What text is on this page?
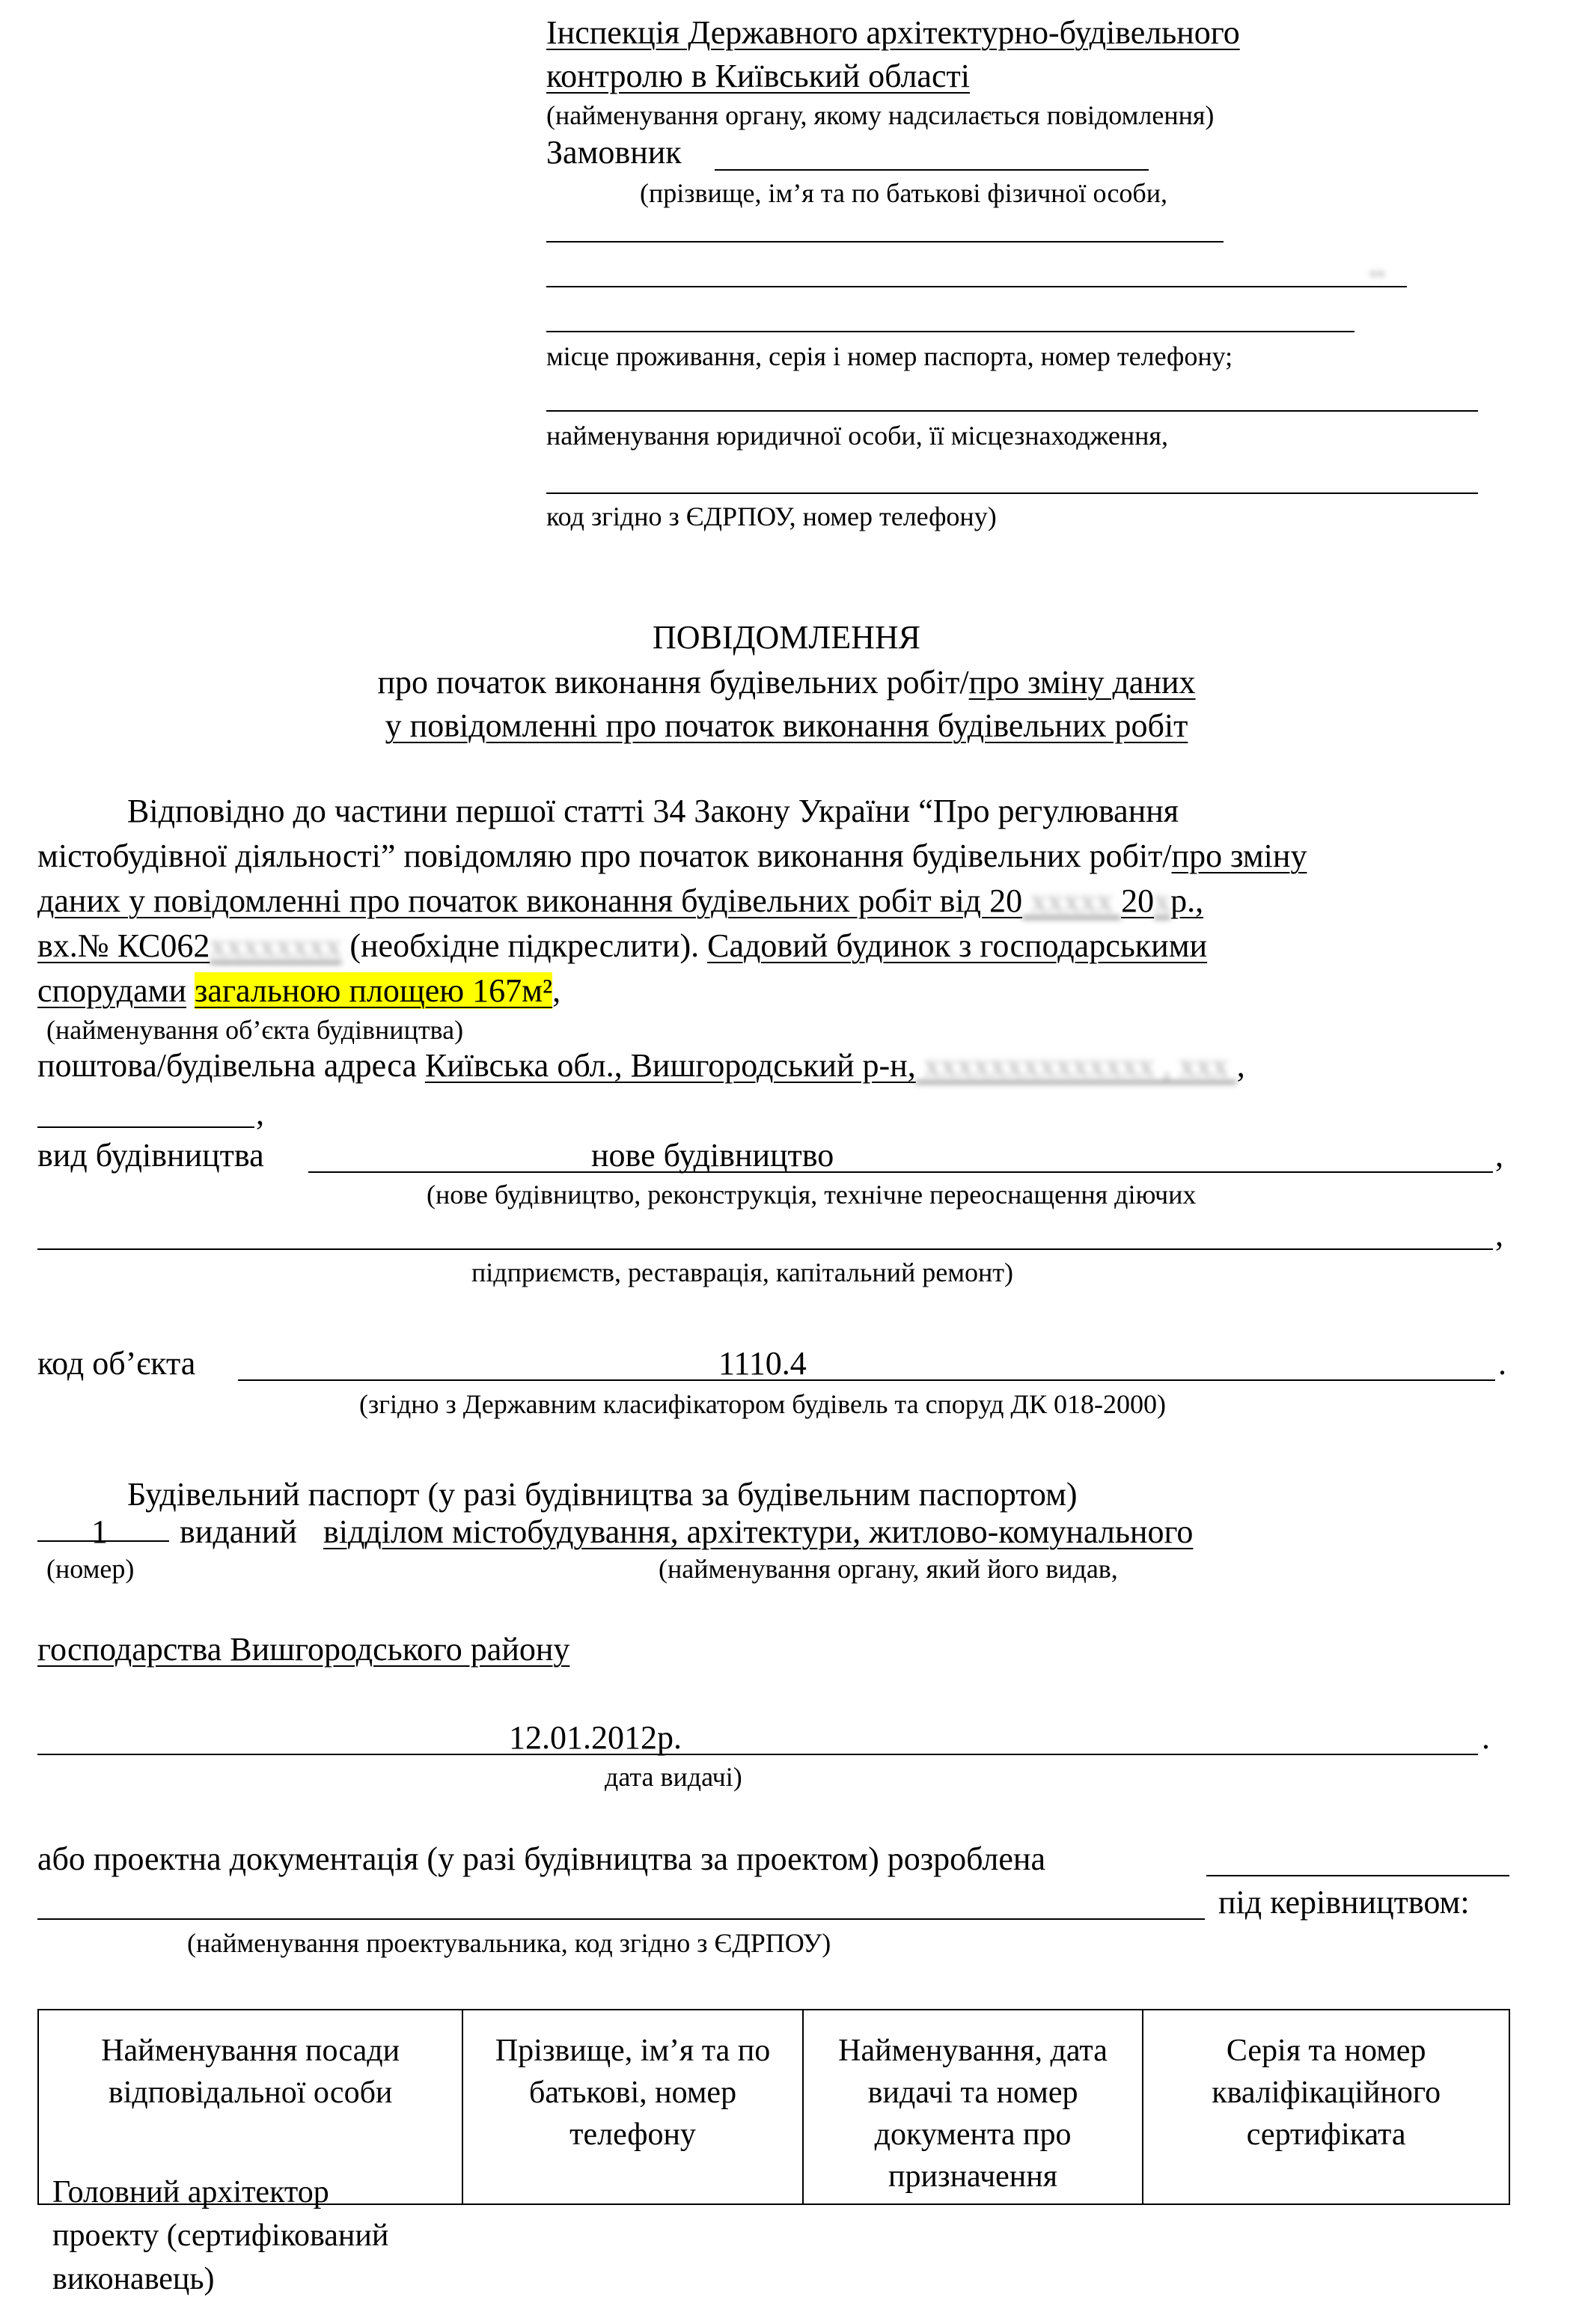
Інспекція Державного архітектурно-будівельного
контролю в Київський області
(найменування органу, якому надсилається повідомлення)
Замовник
(прізвище, ім’я та по батькові фізичної особи,
••
місце проживання, серія і номер паспорта, номер телефону;
найменування юридичної особи, її місцезнаходження,
код згідно з ЄДРПОУ, номер телефону)
ПОВІДОМЛЕННЯ
про початок виконання будівельних робіт/про зміну даних
у повідомленні про початок виконання будівельних робіт
Відповідно до частини першої статті 34 Закону України “Про регулювання
містобудівної діяльності” повідомляю про початок виконання будівельних робіт/про зміну
даних у повідомленні про початок виконання будівельних робіт від 20 ххххх 20хр.,
вх.№ КС062хххххххх (необхідне підкреслити). Садовий будинок з господарськими
спорудами загальною площею 167м²,
(найменування об’єкта будівництва)
поштова/будівельна адреса Київська обл., Вишгородський р-н, хххххххххххххх , ххх ,
,
вид будівництва	нове будівництво	,
(нове будівництво, реконструкція, технічне переоснащення діючих
,
підприємств, реставрація, капітальний ремонт)
код об’єкта	1110.4	.
(згідно з Державним класифікатором будівель та споруд ДК 018-2000)
Будівельний паспорт (у разі будівництва за будівельним паспортом)
1 виданий відділом містобудування, архітектури, житлово-комунального
(номер)	(найменування органу, який його видав,
господарства Вишгородського району
12.01.2012р.	.
дата видачі)
або проектна документація (у разі будівництва за проектом) розроблена
під керівництвом:
(найменування проектувальника, код згідно з ЄДРПОУ)
Найменування посади відповідальної особи	Прізвище, ім’я та по батькові, номер телефону	Найменування, дата видачі та номер документа про призначення	Серія та номер кваліфікаційного сертифіката
Головний архітектор проекту (сертифікований виконавець)
